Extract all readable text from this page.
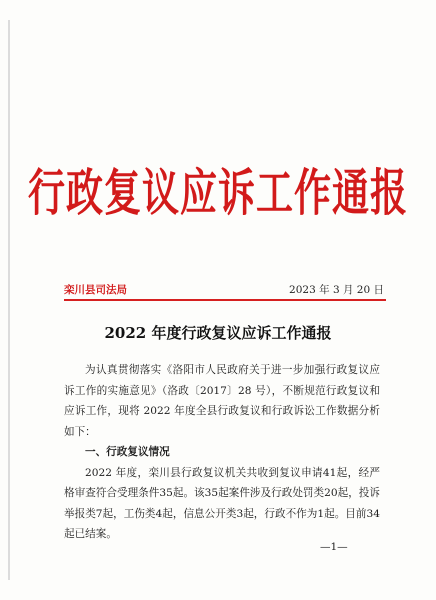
行政复议应诉工作通报
栾川县司法局	2023 年 3 月 20 日
2022 年度行政复议应诉工作通报

为认真贯彻落实《洛阳市人民政府关于进一步加强行政复议应诉工作的实施意见》（洛政〔2017〕28 号），不断规范行政复议和应诉工作，现将 2022 年度全县行政复议和行政诉讼工作数据分析如下：

一、行政复议情况

2022 年度，栾川县行政复议机关共收到复议申请41起，经严格审查符合受理条件35起。该35起案件涉及行政处罚类20起，投诉举报类7起，工伤类4起，信息公开类3起，行政不作为1起。目前34起已结案。

—1—
